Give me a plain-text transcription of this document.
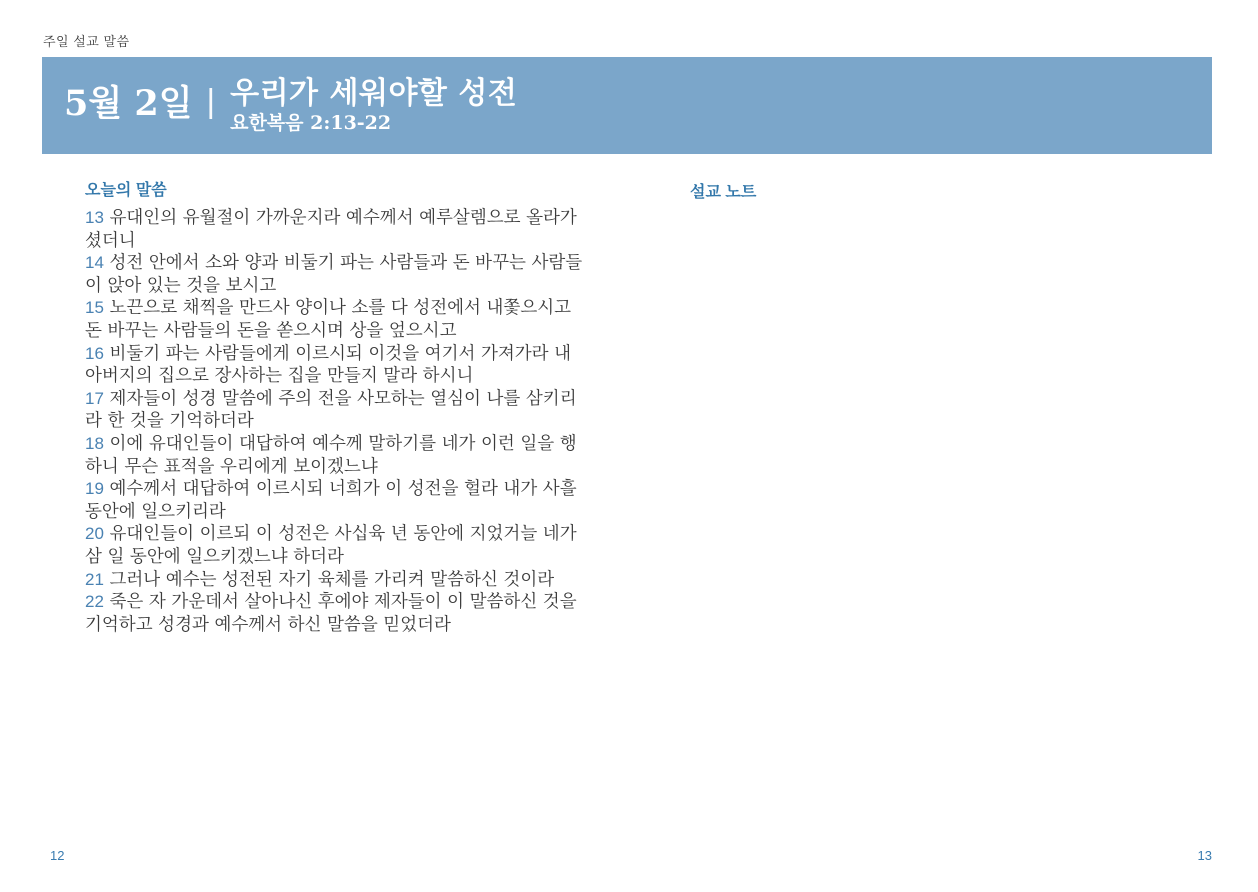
주일 설교 말씀
5월 2일 | 우리가 세워야할 성전
요한복음 2:13-22
오늘의 말씀	설교 노트

13 유대인의 유월절이 가까운지라 예수께서 예루살렘으로 올라가셨더니

14 성전 안에서 소와 양과 비둘기 파는 사람들과 돈 바꾸는 사람들이 앉아 있는 것을 보시고

15 노끈으로 채찍을 만드사 양이나 소를 다 성전에서 내쫓으시고 돈 바꾸는 사람들의 돈을 쏟으시며 상을 엎으시고

16 비둘기 파는 사람들에게 이르시되 이것을 여기서 가져가라 내 아버지의 집으로 장사하는 집을 만들지 말라 하시니

17 제자들이 성경 말씀에 주의 전을 사모하는 열심이 나를 삼키리라 한 것을 기억하더라

18 이에 유대인들이 대답하여 예수께 말하기를 네가 이런 일을 행하니 무슨 표적을 우리에게 보이겠느냐

19 예수께서 대답하여 이르시되 너희가 이 성전을 헐라 내가 사흘 동안에 일으키리라

20 유대인들이 이르되 이 성전은 사십육 년 동안에 지었거늘 네가 삼 일 동안에 일으키겠느냐 하더라

21 그러나 예수는 성전된 자기 육체를 가리켜 말씀하신 것이라

22 죽은 자 가운데서 살아나신 후에야 제자들이 이 말씀하신 것을 기억하고 성경과 예수께서 하신 말씀을 믿었더라

12	13
